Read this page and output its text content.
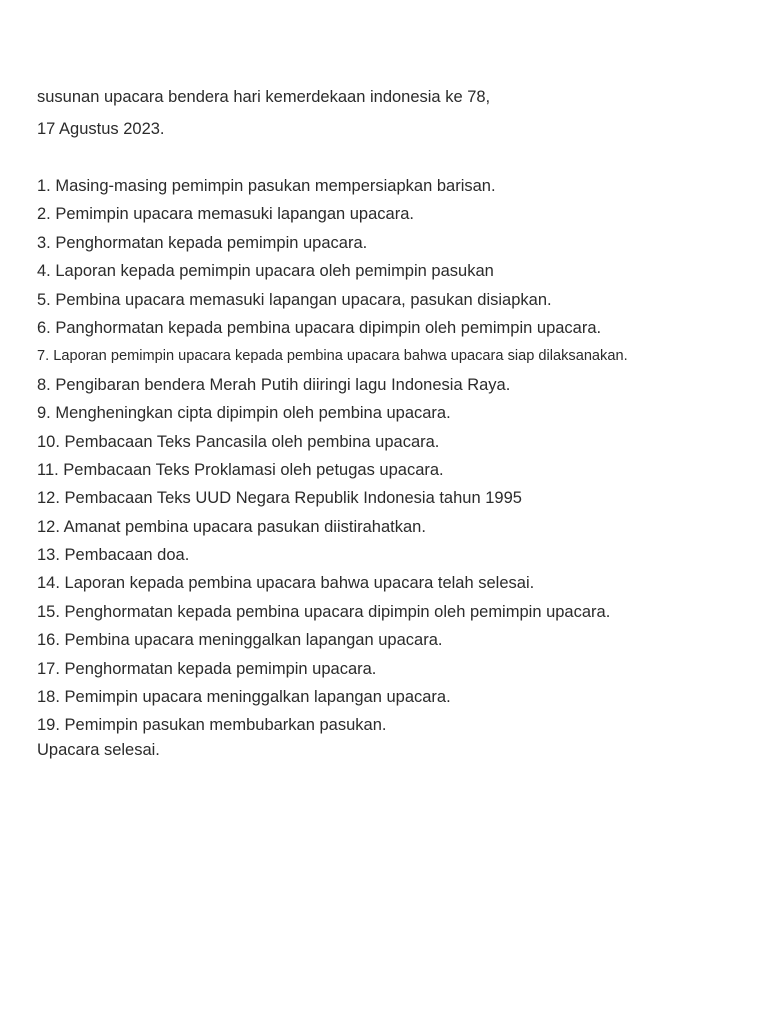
susunan upacara bendera hari kemerdekaan indonesia ke 78,

17 Agustus 2023.

1. Masing-masing pemimpin pasukan mempersiapkan barisan.
2. Pemimpin upacara memasuki lapangan upacara.
3. Penghormatan kepada pemimpin upacara.
4. Laporan kepada pemimpin upacara oleh pemimpin pasukan
5. Pembina upacara memasuki lapangan upacara, pasukan disiapkan.
6. Panghormatan kepada pembina upacara dipimpin oleh pemimpin upacara.
7. Laporan pemimpin upacara kepada pembina upacara bahwa upacara siap dilaksanakan.
8. Pengibaran bendera Merah Putih diiringi lagu Indonesia Raya.
9. Mengheningkan cipta dipimpin oleh pembina upacara.
10. Pembacaan Teks Pancasila oleh pembina upacara.
11. Pembacaan Teks Proklamasi oleh petugas upacara.
12. Pembacaan Teks UUD Negara Republik Indonesia tahun 1995
12. Amanat pembina upacara pasukan diistirahatkan.
13. Pembacaan doa.
14. Laporan kepada pembina upacara bahwa upacara telah selesai.
15. Penghormatan kepada pembina upacara dipimpin oleh pemimpin upacara.
16. Pembina upacara meninggalkan lapangan upacara.
17. Penghormatan kepada pemimpin upacara.
18. Pemimpin upacara meninggalkan lapangan upacara.
19. Pemimpin pasukan membubarkan pasukan.

Upacara selesai.
